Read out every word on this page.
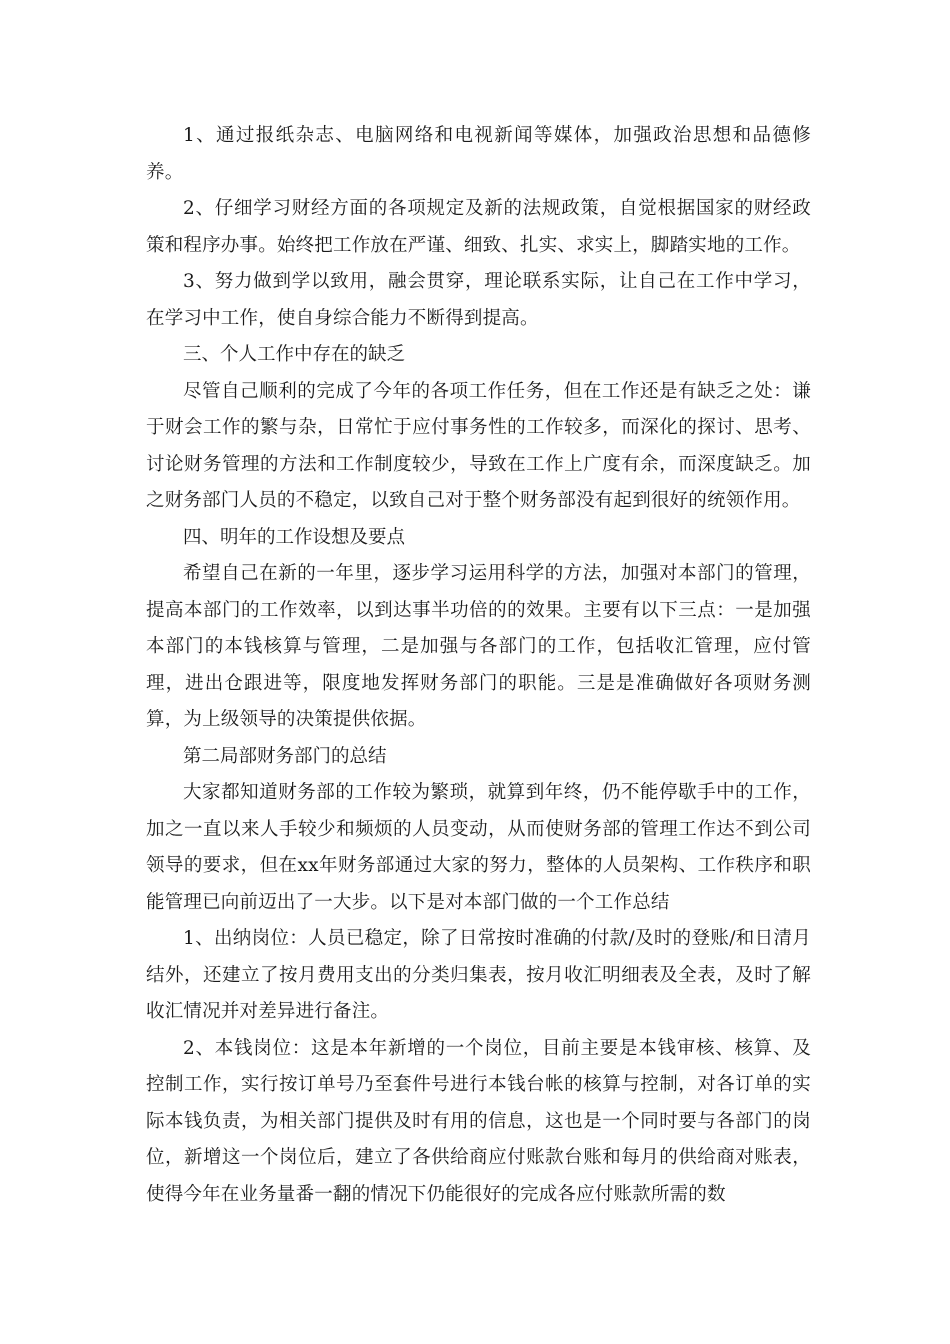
1、通过报纸杂志、电脑网络和电视新闻等媒体，加强政治思想和品德修养。

2、仔细学习财经方面的各项规定及新的法规政策，自觉根据国家的财经政策和程序办事。始终把工作放在严谨、细致、扎实、求实上，脚踏实地的工作。

3、努力做到学以致用，融会贯穿，理论联系实际，让自己在工作中学习，在学习中工作，使自身综合能力不断得到提高。

三、个人工作中存在的缺乏

尽管自己顺利的完成了今年的各项工作任务，但在工作还是有缺乏之处：谦于财会工作的繁与杂，日常忙于应付事务性的工作较多，而深化的探讨、思考、讨论财务管理的方法和工作制度较少，导致在工作上广度有余，而深度缺乏。加之财务部门人员的不稳定，以致自己对于整个财务部没有起到很好的统领作用。

四、明年的工作设想及要点

希望自己在新的一年里，逐步学习运用科学的方法，加强对本部门的管理，提高本部门的工作效率，以到达事半功倍的的效果。主要有以下三点：一是加强本部门的本钱核算与管理，二是加强与各部门的工作，包括收汇管理，应付管理，进出仓跟进等，限度地发挥财务部门的职能。三是是准确做好各项财务测算，为上级领导的决策提供依据。

第二局部财务部门的总结

大家都知道财务部的工作较为繁琐，就算到年终，仍不能停歇手中的工作，加之一直以来人手较少和频烦的人员变动，从而使财务部的管理工作达不到公司领导的要求，但在xx年财务部通过大家的努力，整体的人员架构、工作秩序和职能管理已向前迈出了一大步。以下是对本部门做的一个工作总结

1、出纳岗位：人员已稳定，除了日常按时准确的付款/及时的登账/和日清月结外，还建立了按月费用支出的分类归集表，按月收汇明细表及全表，及时了解收汇情况并对差异进行备注。

2、本钱岗位：这是本年新增的一个岗位，目前主要是本钱审核、核算、及控制工作，实行按订单号乃至套件号进行本钱台帐的核算与控制，对各订单的实际本钱负责，为相关部门提供及时有用的信息，这也是一个同时要与各部门的岗位，新增这一个岗位后，建立了各供给商应付账款台账和每月的供给商对账表，使得今年在业务量番一翻的情况下仍能很好的完成各应付账款所需的数
